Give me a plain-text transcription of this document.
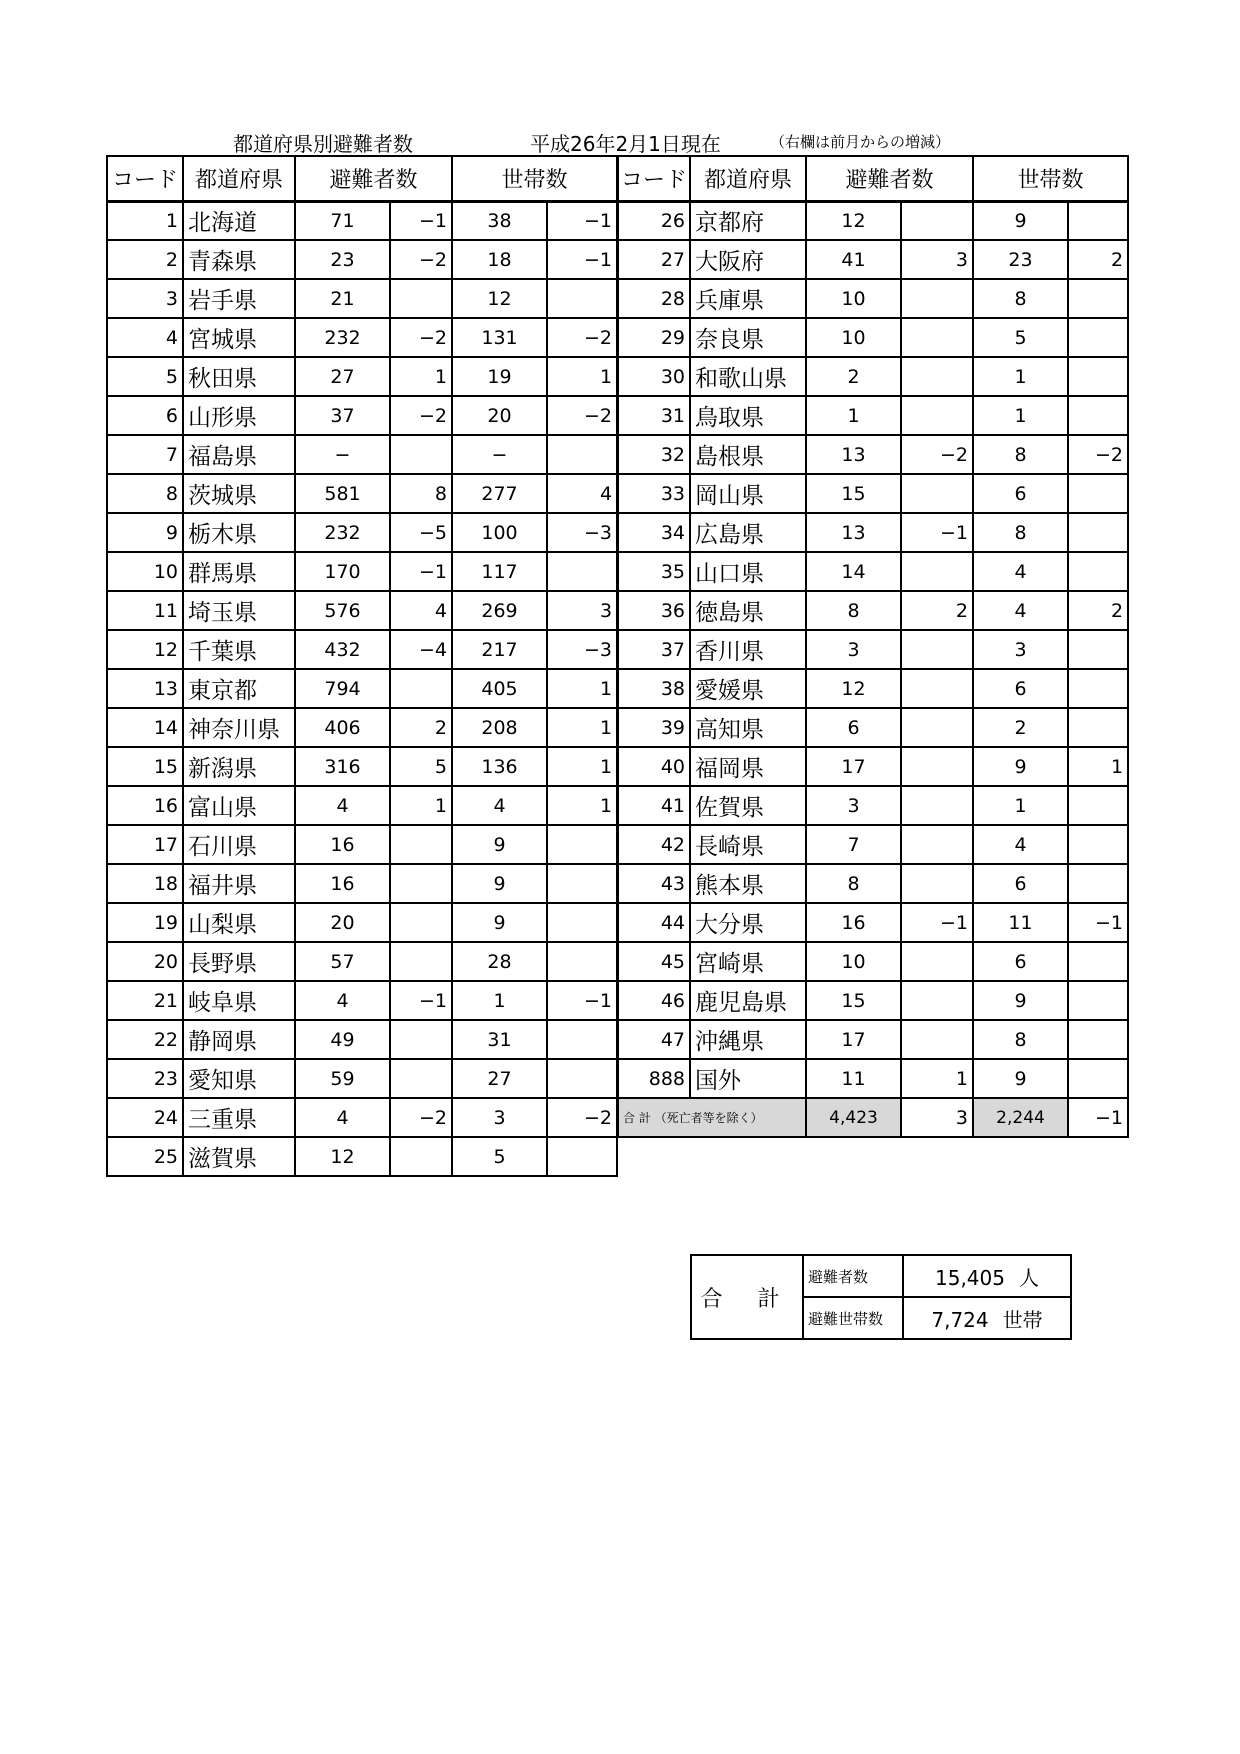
都道府県別避難者数	平成26年2月1日現在	（右欄は前月からの増減）
コード	都道府県	避難者数		世帯数	
1	北海道	71	−1	38	−1
2	青森県	23	−2	18	−1
3	岩手県	21		12	
4	宮城県	232	−2	131	−2
5	秋田県	27	1	19	1
6	山形県	37	−2	20	−2
7	福島県	−		−	
8	茨城県	581	8	277	4
9	栃木県	232	−5	100	−3
10	群馬県	170	−1	117	
11	埼玉県	576	4	269	3
12	千葉県	432	−4	217	−3
13	東京都	794		405	1
14	神奈川県	406	2	208	1
15	新潟県	316	5	136	1
16	富山県	4	1	4	1
17	石川県	16		9	
18	福井県	16		9	
19	山梨県	20		9	
20	長野県	57		28	
21	岐阜県	4	−1	1	−1
22	静岡県	49		31	
23	愛知県	59		27	
24	三重県	4	−2	3	−2
25	滋賀県	12		5	
コード	都道府県	避難者数		世帯数	
26	京都府	12		9	
27	大阪府	41	3	23	2
28	兵庫県	10		8	
29	奈良県	10		5	
30	和歌山県	2		1	
31	鳥取県	1		1	
32	島根県	13	−2	8	−2
33	岡山県	15		6	
34	広島県	13	−1	8	
35	山口県	14		4	
36	徳島県	8	2	4	2
37	香川県	3		3	
38	愛媛県	12		6	
39	高知県	6		2	
40	福岡県	17		9	1
41	佐賀県	3		1	
42	長崎県	7		4	
43	熊本県	8		6	
44	大分県	16	−1	11	−1
45	宮崎県	10		6	
46	鹿児島県	15		9	
47	沖縄県	17		8	
888	国外	11	1	9	
合 計 （死亡者等を除く）		4,423	3	2,244	−1
合 計	避難者数	15,405 人
	避難世帯数	7,724 世帯
